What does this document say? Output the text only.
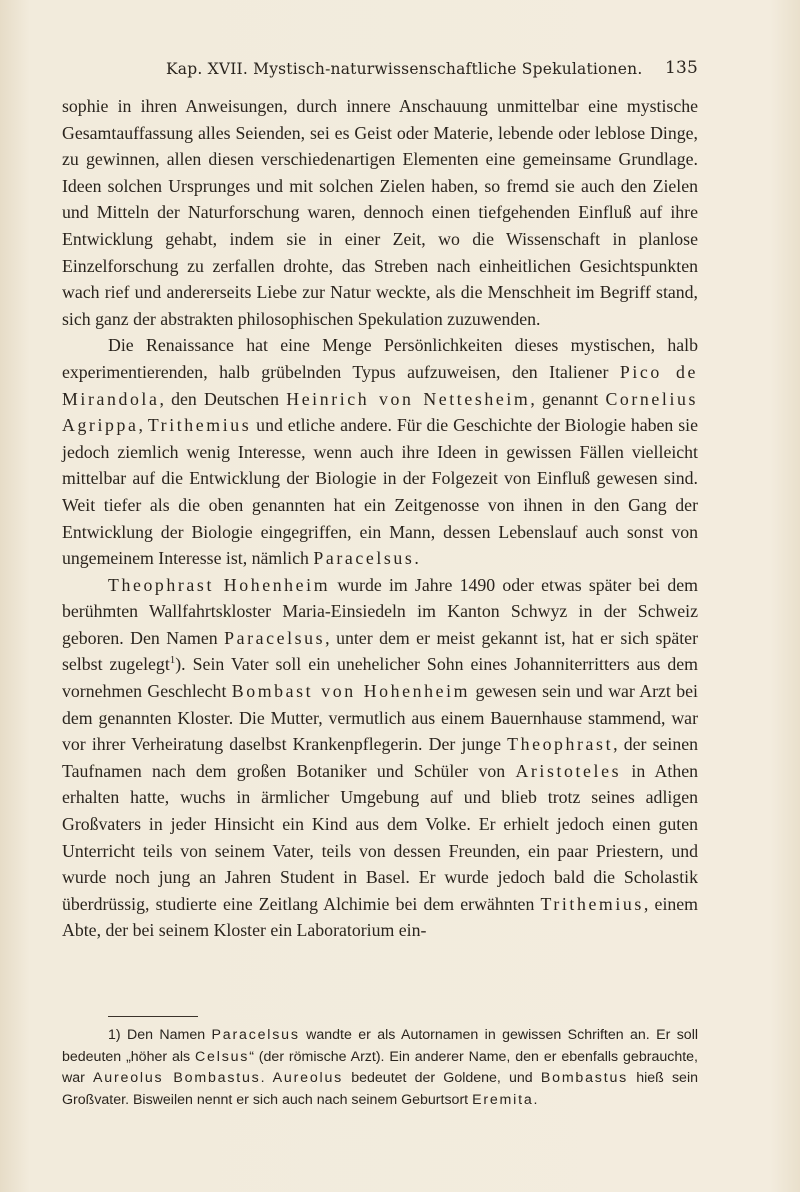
Kap. XVII. Mystisch-naturwissenschaftliche Spekulationen. 135

sophie in ihren Anweisungen, durch innere Anschauung unmittelbar eine mystische Gesamtauffassung alles Seienden, sei es Geist oder Materie, lebende oder leblose Dinge, zu gewinnen, allen diesen verschiedenartigen Elementen eine gemeinsame Grundlage. Ideen solchen Ursprunges und mit solchen Zielen haben, so fremd sie auch den Zielen und Mitteln der Naturforschung waren, dennoch einen tiefgehenden Einfluß auf ihre Entwicklung gehabt, indem sie in einer Zeit, wo die Wissenschaft in planlose Einzelforschung zu zerfallen drohte, das Streben nach einheitlichen Gesichtspunkten wach rief und andererseits Liebe zur Natur weckte, als die Menschheit im Begriff stand, sich ganz der abstrakten philosophischen Spekulation zuzuwenden.

Die Renaissance hat eine Menge Persönlichkeiten dieses mystischen, halb experimentierenden, halb grübelnden Typus aufzuweisen, den Italiener Pico de Mirandola, den Deutschen Heinrich von Nettesheim, genannt Cornelius Agrippa, Trithemius und etliche andere. Für die Geschichte der Biologie haben sie jedoch ziemlich wenig Interesse, wenn auch ihre Ideen in gewissen Fällen vielleicht mittelbar auf die Entwicklung der Biologie in der Folgezeit von Einfluß gewesen sind. Weit tiefer als die oben genannten hat ein Zeitgenosse von ihnen in den Gang der Entwicklung der Biologie eingegriffen, ein Mann, dessen Lebenslauf auch sonst von ungemeinem Interesse ist, nämlich Paracelsus.

Theophrast Hohenheim wurde im Jahre 1490 oder etwas später bei dem berühmten Wallfahrtskloster Maria-Einsiedeln im Kanton Schwyz in der Schweiz geboren. Den Namen Paracelsus, unter dem er meist gekannt ist, hat er sich später selbst zugelegt$^1$). Sein Vater soll ein unehelicher Sohn eines Johanniterritters aus dem vornehmen Geschlecht Bombast von Hohenheim gewesen sein und war Arzt bei dem genannten Kloster. Die Mutter, vermutlich aus einem Bauernhause stammend, war vor ihrer Verheiratung daselbst Krankenpflegerin. Der junge Theophrast, der seinen Taufnamen nach dem großen Botaniker und Schüler von Aristoteles in Athen erhalten hatte, wuchs in ärmlicher Umgebung auf und blieb trotz seines adligen Großvaters in jeder Hinsicht ein Kind aus dem Volke. Er erhielt jedoch einen guten Unterricht teils von seinem Vater, teils von dessen Freunden, ein paar Priestern, und wurde noch jung an Jahren Student in Basel. Er wurde jedoch bald die Scholastik überdrüssig, studierte eine Zeitlang Alchimie bei dem erwähnten Trithemius, einem Abte, der bei seinem Kloster ein Laboratorium ein-

1) Den Namen Paracelsus wandte er als Autornamen in gewissen Schriften an. Er soll bedeuten „höher als Celsus“ (der römische Arzt). Ein anderer Name, den er ebenfalls gebrauchte, war Aureolus Bombastus. Aureolus bedeutet der Goldene, und Bombastus hieß sein Großvater. Bisweilen nennt er sich auch nach seinem Geburtsort Eremita.
